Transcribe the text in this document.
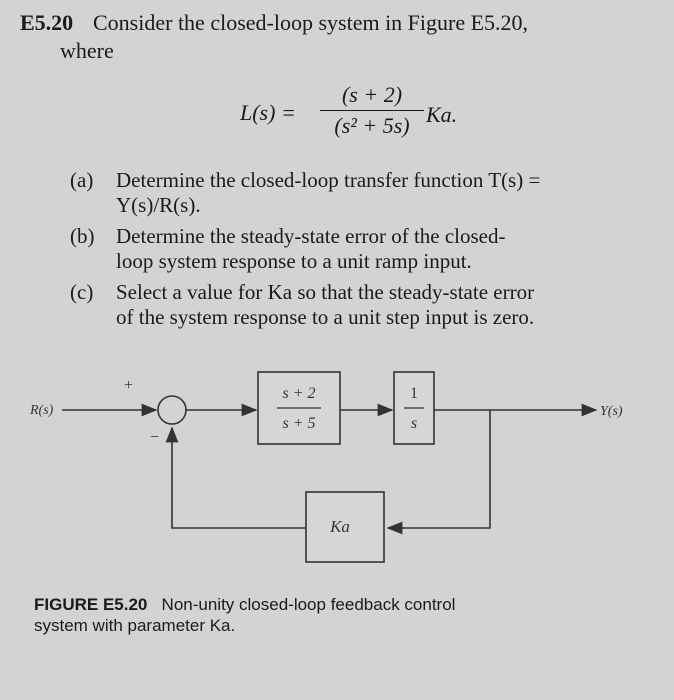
E5.20 Consider the closed-loop system in Figure E5.20,
where
$L(s) = \frac{(s + 2)}{\text{(s² + 5s)}} Ka$.
(a) Determine the closed-loop transfer function T(s) =
Y(s)/R(s).
(b) Determine the steady-state error of the closed-
loop system response to a unit ramp input.
(c) Select a value for Ka so that the steady-state error
of the system response to a unit step input is zero.
R(s)
+
−
s + 2
s + 5
1
s
Y(s)
Ka
FIGURE E5.20 Non-unity closed-loop feedback control
system with parameter Ka.
